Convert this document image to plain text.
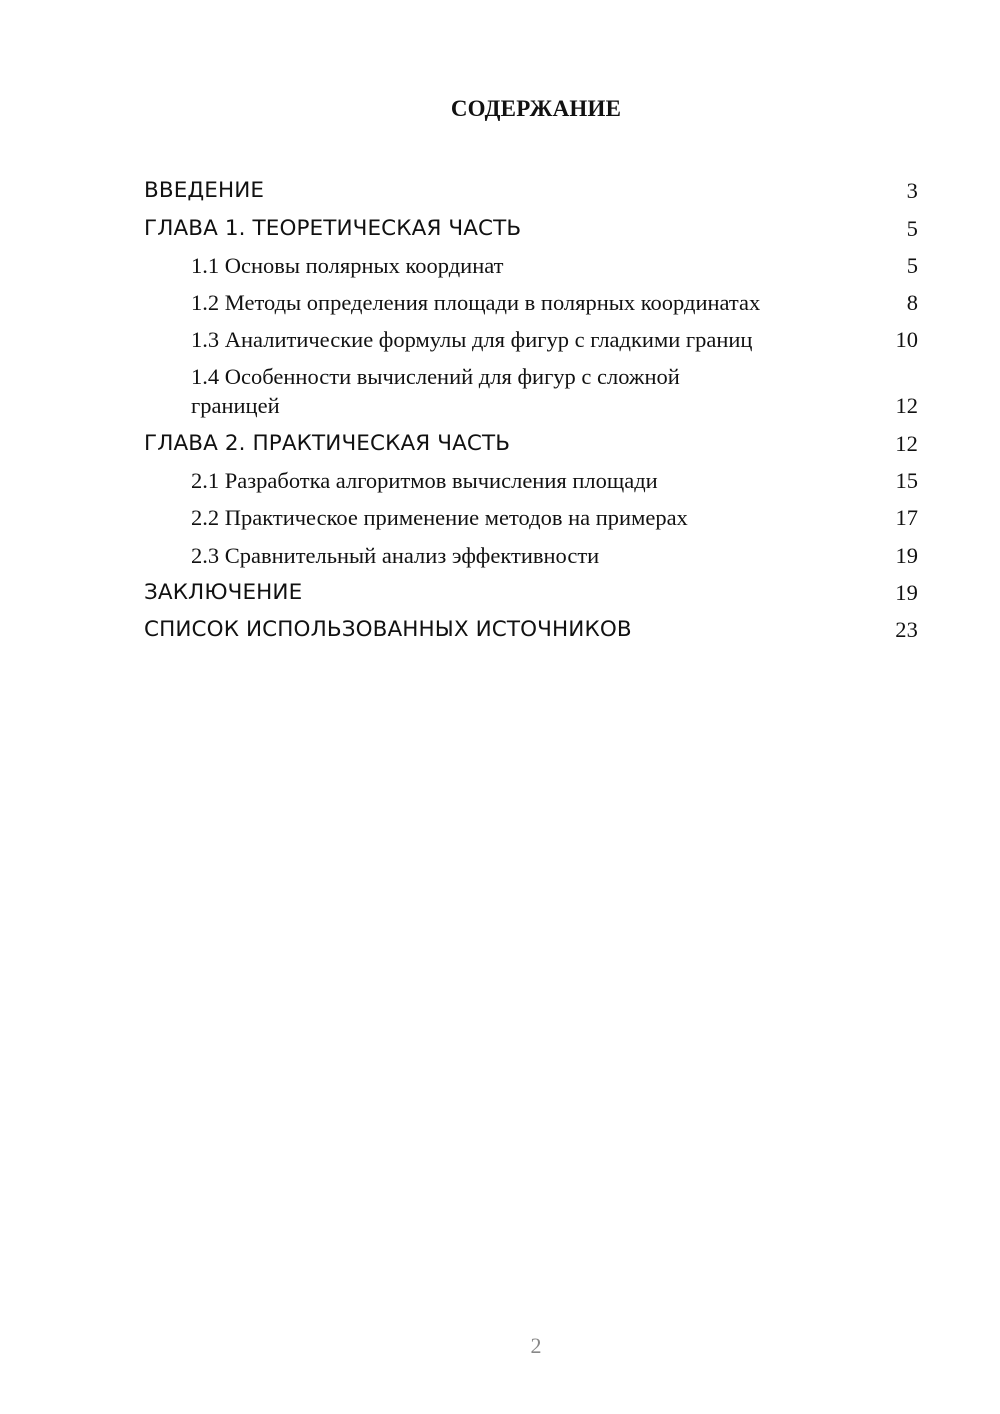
СОДЕРЖАНИЕ
ВВЕДЕНИЕ	3
ГЛАВА 1. ТЕОРЕТИЧЕСКАЯ ЧАСТЬ	5
1.1 Основы полярных координат	5
1.2 Методы определения площади в полярных координатах	8
1.3 Аналитические формулы для фигур с гладкими границ	10
1.4 Особенности вычислений для фигур с сложной границей	12
ГЛАВА 2. ПРАКТИЧЕСКАЯ ЧАСТЬ	12
2.1 Разработка алгоритмов вычисления площади	15
2.2 Практическое применение методов на примерах	17
2.3 Сравнительный анализ эффективности	19
ЗАКЛЮЧЕНИЕ	19
СПИСОК ИСПОЛЬЗОВАННЫХ ИСТОЧНИКОВ	23
2
